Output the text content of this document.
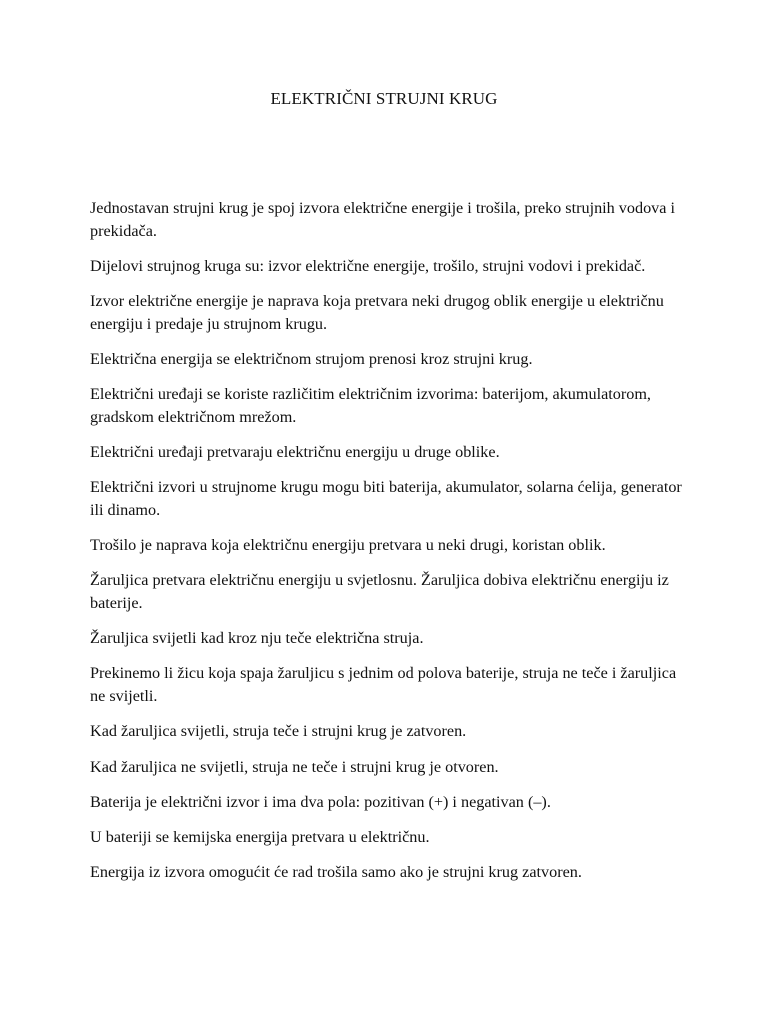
ELEKTRIČNI STRUJNI KRUG

Jednostavan strujni krug je spoj izvora električne energije i trošila, preko strujnih vodova i prekidača.

Dijelovi strujnog kruga su: izvor električne energije, trošilo, strujni vodovi i prekidač.

Izvor električne energije je naprava koja pretvara neki drugog oblik energije u električnu energiju i predaje ju strujnom krugu.

Električna energija se električnom strujom prenosi kroz strujni krug.

Električni uređaji se koriste različitim električnim izvorima: baterijom, akumulatorom, gradskom električnom mrežom.

Električni uređaji pretvaraju električnu energiju u druge oblike.

Električni izvori u strujnome krugu mogu biti baterija, akumulator, solarna ćelija, generator ili dinamo.

Trošilo je naprava koja električnu energiju pretvara u neki drugi, koristan oblik.

Žaruljica pretvara električnu energiju u svjetlosnu. Žaruljica dobiva električnu energiju iz baterije.

Žaruljica svijetli kad kroz nju teče električna struja.

Prekinemo li žicu koja spaja žaruljicu s jednim od polova baterije, struja ne teče i žaruljica ne svijetli.

Kad žaruljica svijetli, struja teče i strujni krug je zatvoren.

Kad žaruljica ne svijetli, struja ne teče i strujni krug je otvoren.

Baterija je električni izvor i ima dva pola: pozitivan (+) i negativan (–).

U bateriji se kemijska energija pretvara u električnu.

Energija iz izvora omogućit će rad trošila samo ako je strujni krug zatvoren.
